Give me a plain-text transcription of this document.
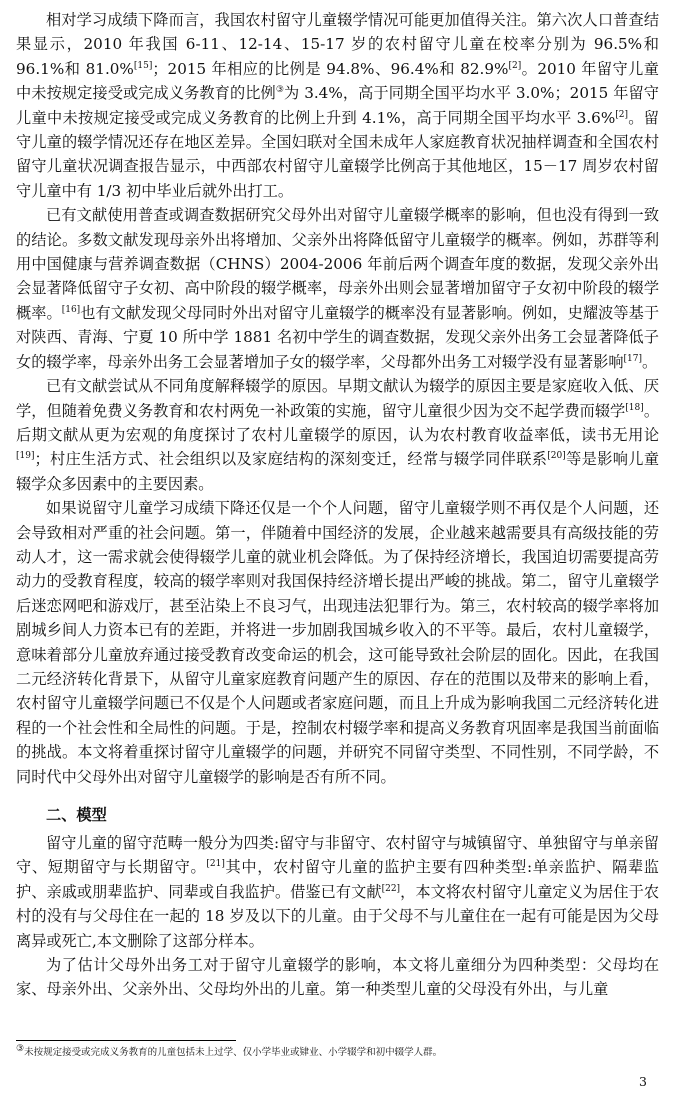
相对学习成绩下降而言，我国农村留守儿童辍学情况可能更加值得关注。第六次人口普查结果显示，2010 年我国 6-11、12-14、15-17 岁的农村留守儿童在校率分别为 96.5%和 96.1%和 81.0%[15]；2015 年相应的比例是 94.8%、96.4%和 82.9%[2]。2010 年留守儿童中未按规定接受或完成义务教育的比例③为 3.4%，高于同期全国平均水平 3.0%；2015 年留守儿童中未按规定接受或完成义务教育的比例上升到 4.1%，高于同期全国平均水平 3.6%[2]。留守儿童的辍学情况还存在地区差异。全国妇联对全国未成年人家庭教育状况抽样调查和全国农村留守儿童状况调查报告显示，中西部农村留守儿童辍学比例高于其他地区，15－17 周岁农村留守儿童中有 1/3 初中毕业后就外出打工。

已有文献使用普查或调查数据研究父母外出对留守儿童辍学概率的影响，但也没有得到一致的结论。多数文献发现母亲外出将增加、父亲外出将降低留守儿童辍学的概率。例如，苏群等利用中国健康与营养调查数据（CHNS）2004-2006 年前后两个调查年度的数据，发现父亲外出会显著降低留守子女初、高中阶段的辍学概率，母亲外出则会显著增加留守子女初中阶段的辍学概率。[16]也有文献发现父母同时外出对留守儿童辍学的概率没有显著影响。例如，史耀波等基于对陕西、青海、宁夏 10 所中学 1881 名初中学生的调查数据，发现父亲外出务工会显著降低子女的辍学率，母亲外出务工会显著增加子女的辍学率，父母都外出务工对辍学没有显著影响[17]。

已有文献尝试从不同角度解释辍学的原因。早期文献认为辍学的原因主要是家庭收入低、厌学，但随着免费义务教育和农村两免一补政策的实施，留守儿童很少因为交不起学费而辍学[18]。后期文献从更为宏观的角度探讨了农村儿童辍学的原因，认为农村教育收益率低，读书无用论[19]；村庄生活方式、社会组织以及家庭结构的深刻变迁，经常与辍学同伴联系[20]等是影响儿童辍学众多因素中的主要因素。

如果说留守儿童学习成绩下降还仅是一个个人问题，留守儿童辍学则不再仅是个人问题，还会导致相对严重的社会问题。第一，伴随着中国经济的发展，企业越来越需要具有高级技能的劳动人才，这一需求就会使得辍学儿童的就业机会降低。为了保持经济增长，我国迫切需要提高劳动力的受教育程度，较高的辍学率则对我国保持经济增长提出严峻的挑战。第二，留守儿童辍学后迷恋网吧和游戏厅，甚至沾染上不良习气，出现违法犯罪行为。第三，农村较高的辍学率将加剧城乡间人力资本已有的差距，并将进一步加剧我国城乡收入的不平等。最后，农村儿童辍学，意味着部分儿童放弃通过接受教育改变命运的机会，这可能导致社会阶层的固化。因此，在我国二元经济转化背景下，从留守儿童家庭教育问题产生的原因、存在的范围以及带来的影响上看，农村留守儿童辍学问题已不仅是个人问题或者家庭问题，而且上升成为影响我国二元经济转化进程的一个社会性和全局性的问题。于是，控制农村辍学率和提高义务教育巩固率是我国当前面临的挑战。本文将着重探讨留守儿童辍学的问题，并研究不同留守类型、不同性别，不同学龄，不同时代中父母外出对留守儿童辍学的影响是否有所不同。

二、模型

留守儿童的留守范畴一般分为四类:留守与非留守、农村留守与城镇留守、单独留守与单亲留守、短期留守与长期留守。[21]其中，农村留守儿童的监护主要有四种类型:单亲监护、隔辈监护、亲戚或朋辈监护、同辈或自我监护。借鉴已有文献[22]，本文将农村留守儿童定义为居住于农村的没有与父母住在一起的 18 岁及以下的儿童。由于父母不与儿童住在一起有可能是因为父母离异或死亡,本文删除了这部分样本。

为了估计父母外出务工对于留守儿童辍学的影响，本文将儿童细分为四种类型：父母均在家、母亲外出、父亲外出、父母均外出的儿童。第一种类型儿童的父母没有外出，与儿童

③未按规定接受或完成义务教育的儿童包括未上过学、仅小学毕业或肄业、小学辍学和初中辍学人群。
3
